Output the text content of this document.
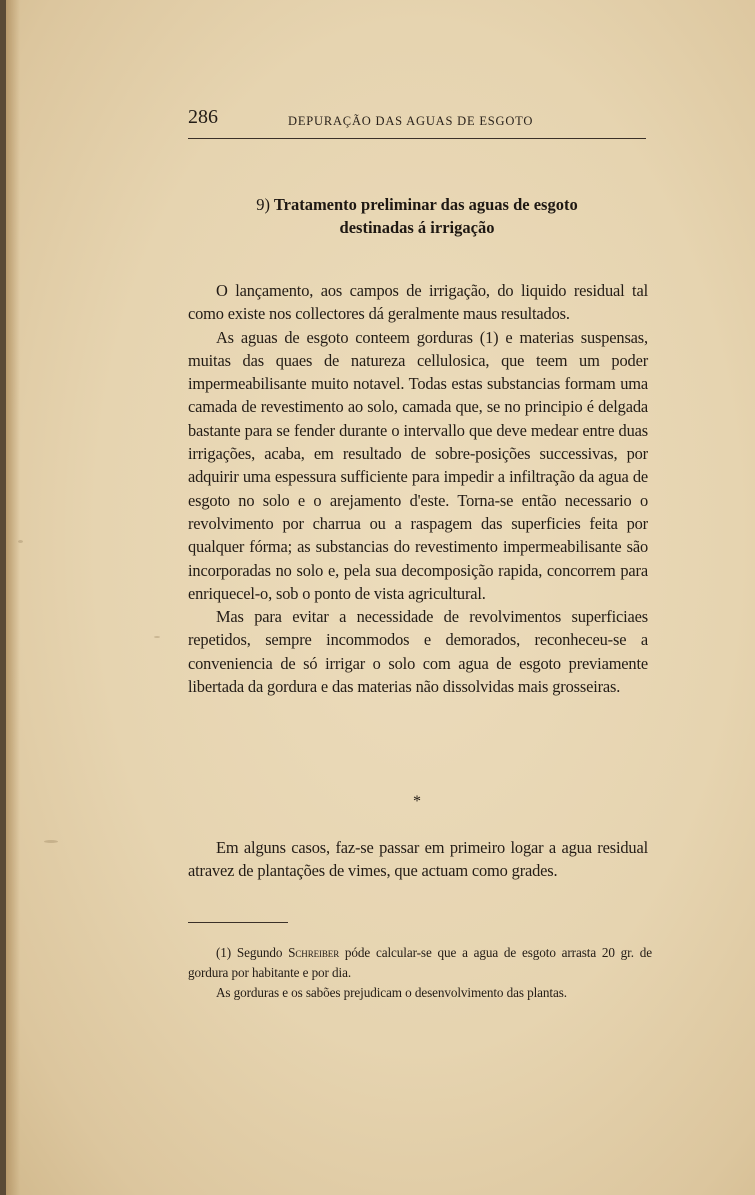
286	DEPURAÇÃO DAS AGUAS DE ESGOTO
9) Tratamento preliminar das aguas de esgoto
destinadas á irrigação

O lançamento, aos campos de irrigação, do liquido residual tal como existe nos collectores dá geralmente maus resultados.

As aguas de esgoto conteem gorduras (1) e materias suspensas, muitas das quaes de natureza cellulosica, que teem um poder impermeabilisante muito notavel. Todas estas substancias formam uma camada de revestimento ao solo, camada que, se no principio é delgada bastante para se fender durante o intervallo que deve medear entre duas irrigações, acaba, em resultado de sobre-posições successivas, por adquirir uma espessura sufficiente para impedir a infiltração da agua de esgoto no solo e o arejamento d'este. Torna-se então necessario o revolvimento por charrua ou a raspagem das superficies feita por qualquer fórma; as substancias do revestimento impermeabilisante são incorporadas no solo e, pela sua decomposição rapida, concorrem para enriquecel-o, sob o ponto de vista agricultural.

Mas para evitar a necessidade de revolvimentos superficiaes repetidos, sempre incommodos e demorados, reconheceu-se a conveniencia de só irrigar o solo com agua de esgoto previamente libertada da gordura e das materias não dissolvidas mais grosseiras.

*

Em alguns casos, faz-se passar em primeiro logar a agua residual atravez de plantações de vimes, que actuam como grades.

(1) Segundo Schreiber póde calcular-se que a agua de esgoto arrasta 20 gr. de gordura por habitante e por dia.

As gorduras e os sabões prejudicam o desenvolvimento das plantas.
